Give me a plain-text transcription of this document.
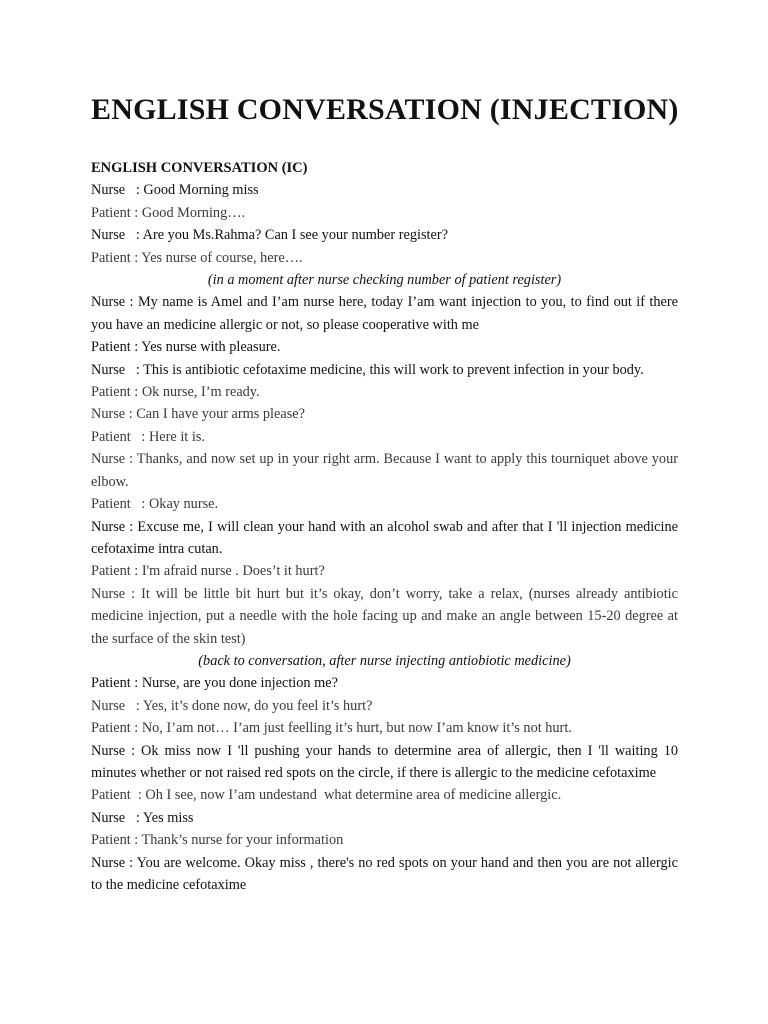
ENGLISH CONVERSATION (INJECTION)

ENGLISH CONVERSATION (IC)

Nurse   : Good Morning miss

Patient : Good Morning….

Nurse   : Are you Ms.Rahma? Can I see your number register?

Patient : Yes nurse of course, here….

(in a moment after nurse checking number of patient register)

Nurse : My name is Amel and I’am nurse here, today I’am want injection to you, to find out if there you have an medicine allergic or not, so please cooperative with me

Patient : Yes nurse with pleasure.

Nurse   : This is antibiotic cefotaxime medicine, this will work to prevent infection in your body.

Patient : Ok nurse, I’m ready.

Nurse : Can I have your arms please?

Patient   : Here it is.

Nurse : Thanks, and now set up in your right arm. Because I want to apply this tourniquet above your elbow.

Patient   : Okay nurse.

Nurse : Excuse me, I will clean your hand with an alcohol swab and after that I 'll injection medicine cefotaxime intra cutan.

Patient : I'm afraid nurse . Does’t it hurt?

Nurse : It will be little bit hurt but it’s okay, don’t worry, take a relax, (nurses already antibiotic medicine injection, put a needle with the hole facing up and make an angle between 15-20 degree at the surface of the skin test)

(back to conversation, after nurse injecting antiobiotic medicine)

Patient : Nurse, are you done injection me?

Nurse   : Yes, it’s done now, do you feel it’s hurt?

Patient : No, I’am not… I’am just feelling it’s hurt, but now I’am know it’s not hurt.

Nurse : Ok miss now I 'll pushing your hands to determine area of allergic, then I 'll waiting 10 minutes whether or not raised red spots on the circle, if there is allergic to the medicine cefotaxime

Patient  : Oh I see, now I’am undestand  what determine area of medicine allergic.

Nurse   : Yes miss

Patient : Thank’s nurse for your information

Nurse : You are welcome. Okay miss , there's no red spots on your hand and then you are not allergic to the medicine cefotaxime
